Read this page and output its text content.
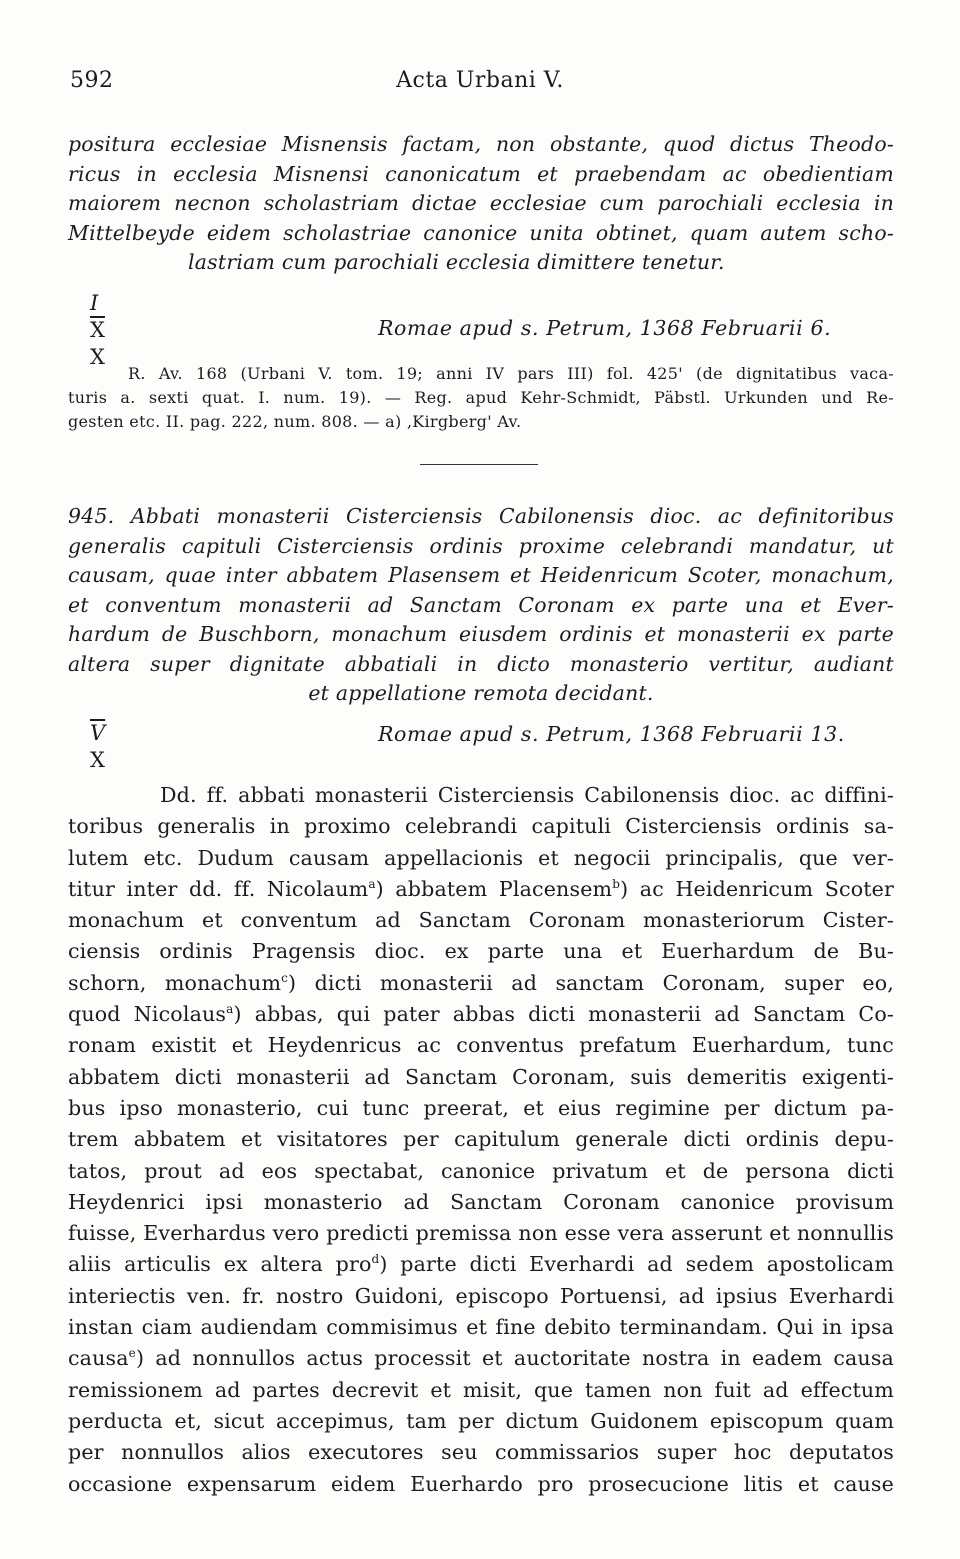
592	Acta Urbani V.
positura ecclesiae Misnensis factam, non obstante, quod dictus Theodo-
ricus in ecclesia Misnensi canonicatum et praebendam ac obedientiam
maiorem necnon scholastriam dictae ecclesiae cum parochiali ecclesia in
Mittelbeyde eidem scholastriae canonice unita obtinet, quam autem scho-
lastriam cum parochiali ecclesia dimittere tenetur.
I
$\overline{X}$
X
Romae apud s. Petrum, 1368 Februarii 6.
R. Av. 168 (Urbani V. tom. 19; anni IV pars III) fol. 425' (de dignitatibus vaca-
turis a. sexti quat. I. num. 19). — Reg. apud Kehr-Schmidt, Päbstl. Urkunden und Re-
gesten etc. II. pag. 222, num. 808. — a) ‚Kirgberg' Av.
945. Abbati monasterii Cisterciensis Cabilonensis dioc. ac definitoribus
generalis capituli Cisterciensis ordinis proxime celebrandi mandatur, ut
causam, quae inter abbatem Plasensem et Heidenricum Scoter, monachum,
et conventum monasterii ad Sanctam Coronam ex parte una et Ever-
hardum de Buschborn, monachum eiusdem ordinis et monasterii ex parte
altera super dignitate abbatiali in dicto monasterio vertitur, audiant
et appellatione remota decidant.
$\overline{V}$
X
Romae apud s. Petrum, 1368 Februarii 13.
Dd. ff. abbati monasterii Cisterciensis Cabilonensis dioc. ac diffini-
toribus generalis in proximo celebrandi capituli Cisterciensis ordinis sa-
lutem etc. Dudum causam appellacionis et negocii principalis, que ver-
titur inter dd. ff. Nicolaum$^a$) abbatem Placensem$^b$) ac Heidenricum Scoter
monachum et conventum ad Sanctam Coronam monasteriorum Cister-
ciensis ordinis Pragensis dioc. ex parte una et Euerhardum de Bu-
schorn, monachum$^c$) dicti monasterii ad sanctam Coronam, super eo,
quod Nicolaus$^a$) abbas, qui pater abbas dicti monasterii ad Sanctam Co-
ronam existit et Heydenricus ac conventus prefatum Euerhardum, tunc
abbatem dicti monasterii ad Sanctam Coronam, suis demeritis exigenti-
bus ipso monasterio, cui tunc preerat, et eius regimine per dictum pa-
trem abbatem et visitatores per capitulum generale dicti ordinis depu-
tatos, prout ad eos spectabat, canonice privatum et de persona dicti
Heydenrici ipsi monasterio ad Sanctam Coronam canonice provisum
fuisse, Everhardus vero predicti premissa non esse vera asserunt et nonnullis
aliis articulis ex altera pro$^d$) parte dicti Everhardi ad sedem apostolicam
interiectis ven. fr. nostro Guidoni, episcopo Portuensi, ad ipsius Everhardi
instan ciam audiendam commisimus et fine debito terminandam. Qui in ipsa
causa$^e$) ad nonnullos actus processit et auctoritate nostra in eadem causa
remissionem ad partes decrevit et misit, que tamen non fuit ad effectum
perducta et, sicut accepimus, tam per dictum Guidonem episcopum quam
per nonnullos alios executores seu commissarios super hoc deputatos
occasione expensarum eidem Euerhardo pro prosecucione litis et cause
